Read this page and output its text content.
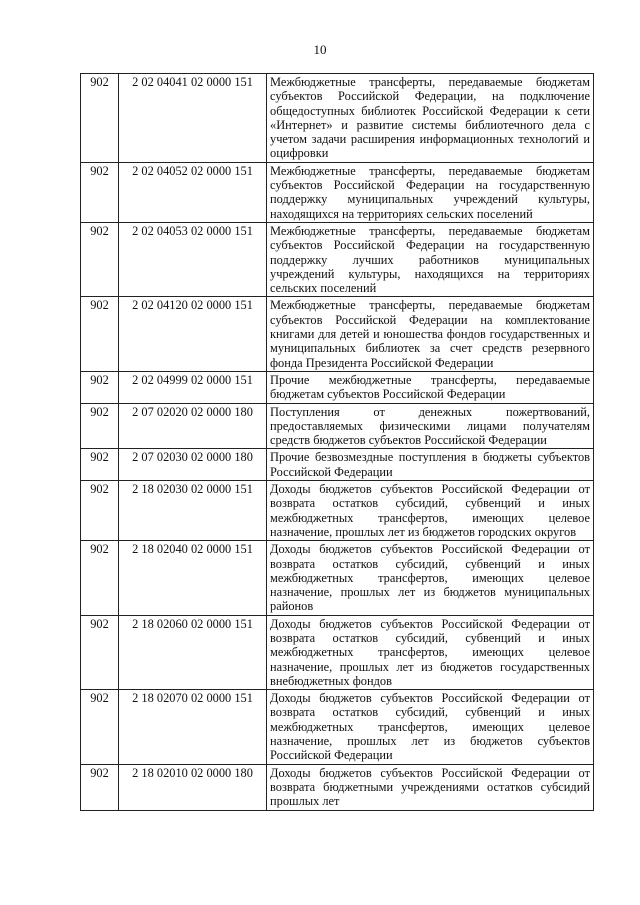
10
902	2 02 04041 02 0000 151	Межбюджетные трансферты, передаваемые бюджетам субъектов Российской Федерации, на подключение общедоступных библиотек Российской Федерации к сети «Интернет» и развитие системы библиотечного дела с учетом задачи расширения информационных технологий и оцифровки
902	2 02 04052 02 0000 151	Межбюджетные трансферты, передаваемые бюджетам субъектов Российской Федерации на государственную поддержку муниципальных учреждений культуры, находящихся на территориях сельских поселений
902	2 02 04053 02 0000 151	Межбюджетные трансферты, передаваемые бюджетам субъектов Российской Федерации на государственную поддержку лучших работников муниципальных учреждений культуры, находящихся на территориях сельских поселений
902	2 02 04120 02 0000 151	Межбюджетные трансферты, передаваемые бюджетам субъектов Российской Федерации на комплектование книгами для детей и юношества фондов государственных и муниципальных библиотек за счет средств резервного фонда Президента Российской Федерации
902	2 02 04999 02 0000 151	Прочие межбюджетные трансферты, передаваемые бюджетам субъектов Российской Федерации
902	2 07 02020 02 0000 180	Поступления от денежных пожертвований, предоставляемых физическими лицами получателям средств бюджетов субъектов Российской Федерации
902	2 07 02030 02 0000 180	Прочие безвозмездные поступления в бюджеты субъектов Российской Федерации
902	2 18 02030 02 0000 151	Доходы бюджетов субъектов Российской Федерации от возврата остатков субсидий, субвенций и иных межбюджетных трансфертов, имеющих целевое назначение, прошлых лет из бюджетов городских округов
902	2 18 02040 02 0000 151	Доходы бюджетов субъектов Российской Федерации от возврата остатков субсидий, субвенций и иных межбюджетных трансфертов, имеющих целевое назначение, прошлых лет из бюджетов муниципальных районов
902	2 18 02060 02 0000 151	Доходы бюджетов субъектов Российской Федерации от возврата остатков субсидий, субвенций и иных межбюджетных трансфертов, имеющих целевое назначение, прошлых лет из бюджетов государственных внебюджетных фондов
902	2 18 02070 02 0000 151	Доходы бюджетов субъектов Российской Федерации от возврата остатков субсидий, субвенций и иных межбюджетных трансфертов, имеющих целевое назначение, прошлых лет из бюджетов субъектов Российской Федерации
902	2 18 02010 02 0000 180	Доходы бюджетов субъектов Российской Федерации от возврата бюджетными учреждениями остатков субсидий прошлых лет
